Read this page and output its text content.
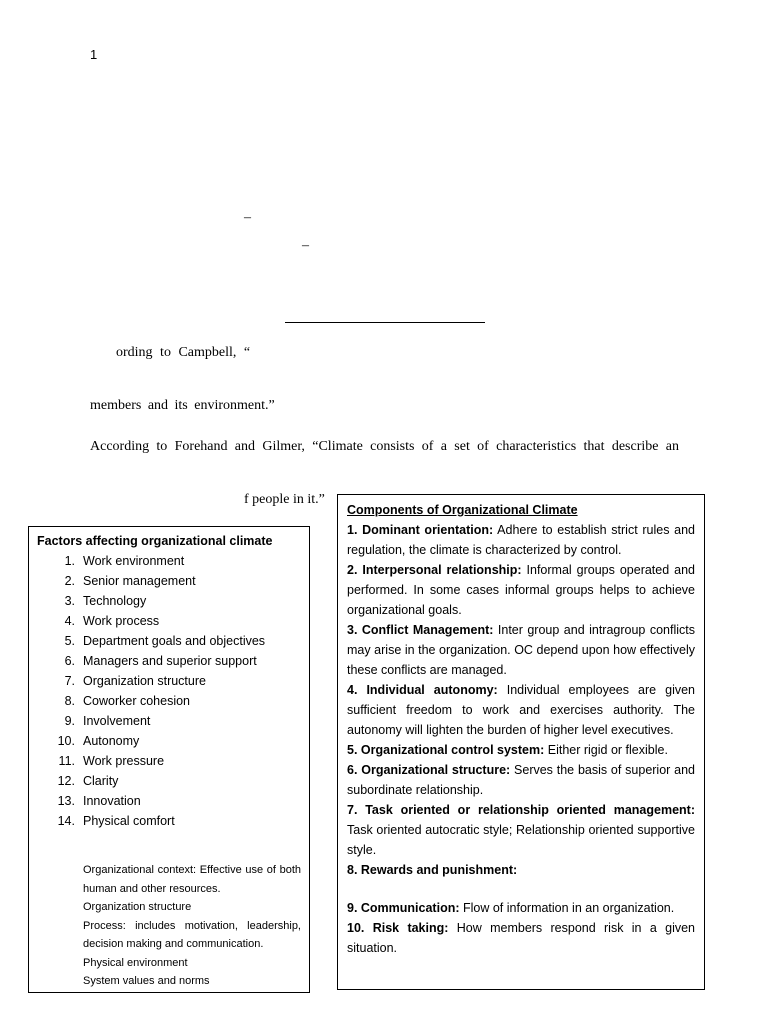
1
–
–
ording to Campbell, “
members and its environment.”
According to Forehand and Gilmer, “Climate consists of a set of characteristics that describe an
f people in it.”
Factors affecting organizational climate
1. Work environment
2. Senior management
3. Technology
4. Work process
5. Department goals and objectives
6. Managers and superior support
7. Organization structure
8. Coworker cohesion
9. Involvement
10. Autonomy
11. Work pressure
12. Clarity
13. Innovation
14. Physical comfort
Organizational context: Effective use of both human and other resources.
Organization structure
Process: includes motivation, leadership, decision making and communication.
Physical environment
System values and norms
Components of Organizational Climate

1. Dominant orientation: Adhere to establish strict rules and regulation, the climate is characterized by control.

2. Interpersonal relationship: Informal groups operated and performed. In some cases informal groups helps to achieve organizational goals.

3. Conflict Management: Inter group and intragroup conflicts may arise in the organization. OC depend upon how effectively these conflicts are managed.

4. Individual autonomy: Individual employees are given sufficient freedom to work and exercises authority. The autonomy will lighten the burden of higher level executives.

5. Organizational control system: Either rigid or flexible.

6. Organizational structure: Serves the basis of superior and subordinate relationship.

7. Task oriented or relationship oriented management: Task oriented autocratic style; Relationship oriented supportive style.

8. Rewards and punishment:

9. Communication: Flow of information in an organization.

10. Risk taking: How members respond risk in a given situation.
